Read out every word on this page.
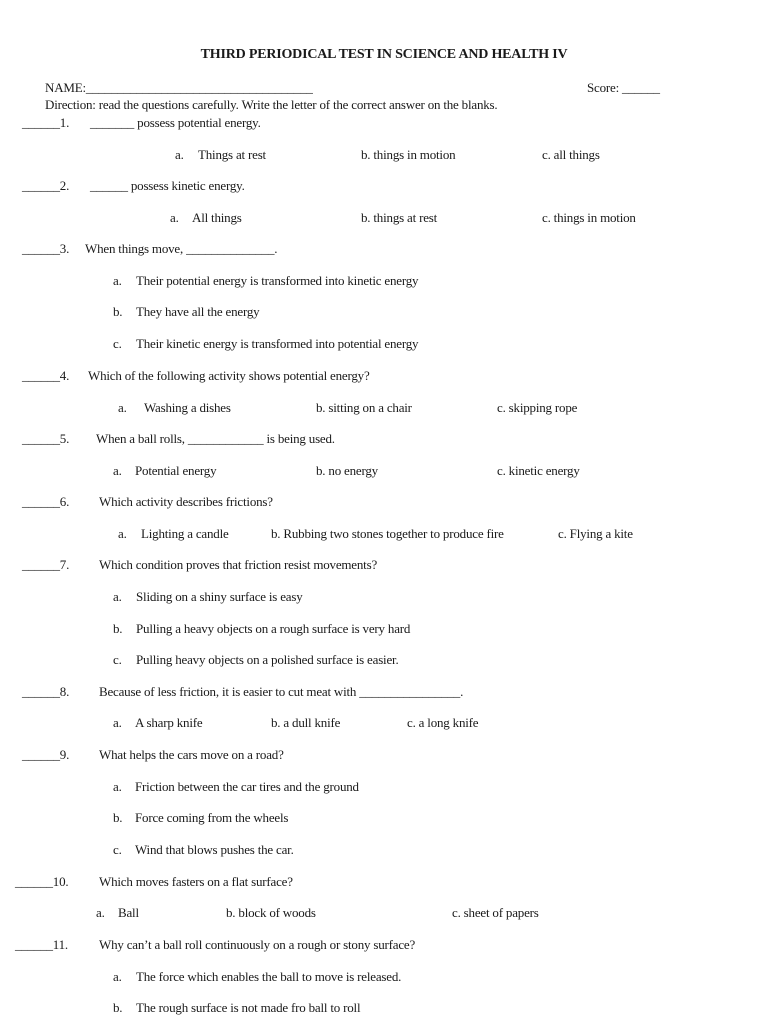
THIRD PERIODICAL TEST IN SCIENCE AND HEALTH IV
NAME:____________________________________	Score: ______
Direction: read the questions carefully. Write the letter of the correct answer on the blanks.
______1. _______ possess potential energy.
a. Things at rest	b. things in motion	c. all things
______2. ______ possess kinetic energy.
a. All things	b. things at rest	c. things in motion
______3. When things move, ______________.
a. Their potential energy is transformed into kinetic energy
b. They have all the energy
c. Their kinetic energy is transformed into potential energy
______4. Which of the following activity shows potential energy?
a. Washing a dishes	b. sitting on a chair	c. skipping rope
______5. When a ball rolls, ____________ is being used.
a. Potential energy	b. no energy	c. kinetic energy
______6. Which activity describes frictions?
a. Lighting a candle	b. Rubbing two stones together to produce fire	c. Flying a kite
______7. Which condition proves that friction resist movements?
a. Sliding on a shiny surface is easy
b. Pulling a heavy objects on a rough surface is very hard
c. Pulling heavy objects on a polished surface is easier.
______8. Because of less friction, it is easier to cut meat with ________________.
a. A sharp knife	b. a dull knife	c. a long knife
______9. What helps the cars move on a road?
a. Friction between the car tires and the ground
b. Force coming from the wheels
c. Wind that blows pushes the car.
______10. Which moves fasters on a flat surface?
a. Ball	b. block of woods	c. sheet of papers
______11. Why can’t a ball roll continuously on a rough or stony surface?
a. The force which enables the ball to move is released.
b. The rough surface is not made fro ball to roll
